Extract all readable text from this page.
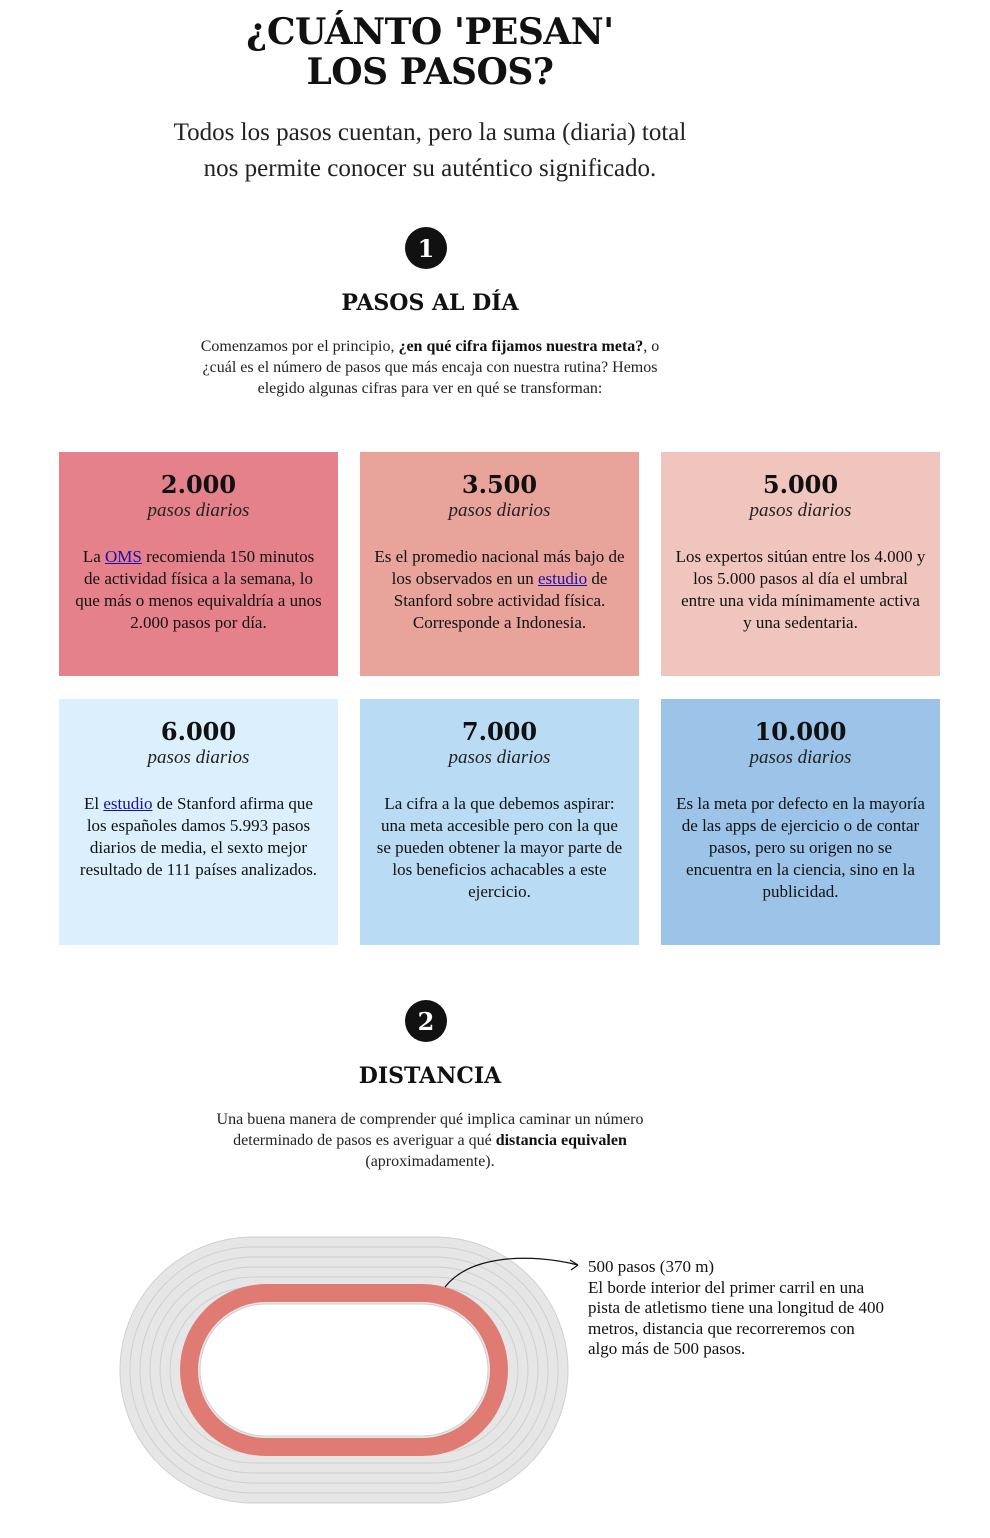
¿CUÁNTO 'PESAN'
LOS PASOS?

Todos los pasos cuentan, pero la suma (diaria) total
nos permite conocer su auténtico significado.

1
PASOS AL DÍA
Comenzamos por el principio, ¿en qué cifra fijamos nuestra meta?, o ¿cuál es el número de pasos que más encaja con nuestra rutina? Hemos elegido algunas cifras para ver en qué se transforman:
2.000
pasos diarios
La OMS recomienda 150 minutos de actividad física a la semana, lo que más o menos equivaldría a unos 2.000 pasos por día.
3.500
pasos diarios
Es el promedio nacional más bajo de los observados en un estudio de Stanford sobre actividad física. Corresponde a Indonesia.
5.000
pasos diarios
Los expertos sitúan entre los 4.000 y los 5.000 pasos al día el umbral entre una vida mínimamente activa y una sedentaria.
6.000
pasos diarios
El estudio de Stanford afirma que los españoles damos 5.993 pasos diarios de media, el sexto mejor resultado de 111 países analizados.
7.000
pasos diarios
La cifra a la que debemos aspirar: una meta accesible pero con la que se pueden obtener la mayor parte de los beneficios achacables a este ejercicio.
10.000
pasos diarios
Es la meta por defecto en la mayoría de las apps de ejercicio o de contar pasos, pero su origen no se encuentra en la ciencia, sino en la publicidad.
2
DISTANCIA
Una buena manera de comprender qué implica caminar un número determinado de pasos es averiguar a qué distancia equivalen (aproximadamente).
500 pasos (370 m)
El borde interior del primer carril en una pista de atletismo tiene una longitud de 400 metros, distancia que recorreremos con algo más de 500 pasos.
